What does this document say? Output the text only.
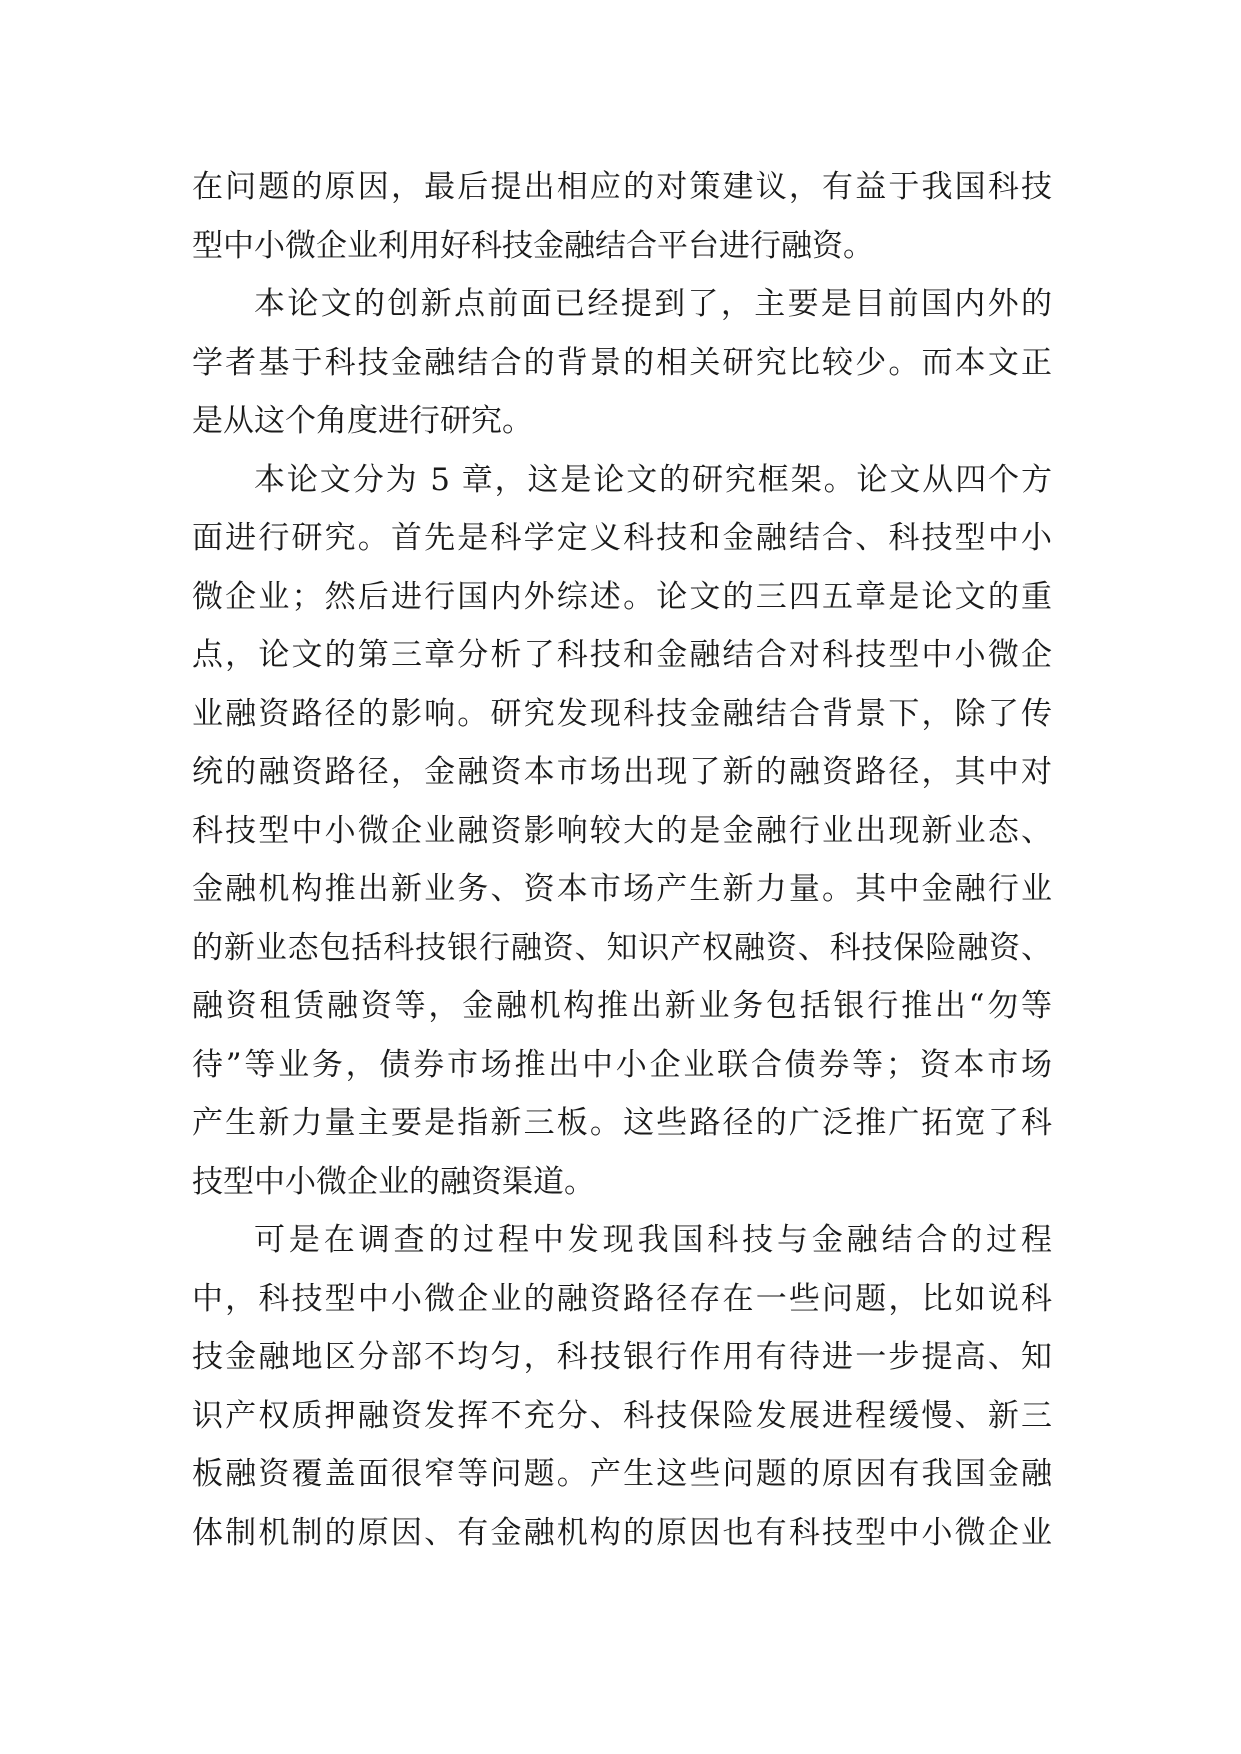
在问题的原因，最后提出相应的对策建议，有益于我国科技
型中小微企业利用好科技金融结合平台进行融资。
本论文的创新点前面已经提到了，主要是目前国内外的
学者基于科技金融结合的背景的相关研究比较少。而本文正
是从这个角度进行研究。
本论文分为 5 章，这是论文的研究框架。论文从四个方
面进行研究。首先是科学定义科技和金融结合、科技型中小
微企业；然后进行国内外综述。论文的三四五章是论文的重
点，论文的第三章分析了科技和金融结合对科技型中小微企
业融资路径的影响。研究发现科技金融结合背景下，除了传
统的融资路径，金融资本市场出现了新的融资路径，其中对
科技型中小微企业融资影响较大的是金融行业出现新业态、
金融机构推出新业务、资本市场产生新力量。其中金融行业
的新业态包括科技银行融资、知识产权融资、科技保险融资、
融资租赁融资等，金融机构推出新业务包括银行推出“勿等
待”等业务，债券市场推出中小企业联合债券等；资本市场
产生新力量主要是指新三板。这些路径的广泛推广拓宽了科
技型中小微企业的融资渠道。
可是在调查的过程中发现我国科技与金融结合的过程
中，科技型中小微企业的融资路径存在一些问题，比如说科
技金融地区分部不均匀，科技银行作用有待进一步提高、知
识产权质押融资发挥不充分、科技保险发展进程缓慢、新三
板融资覆盖面很窄等问题。产生这些问题的原因有我国金融
体制机制的原因、有金融机构的原因也有科技型中小微企业
